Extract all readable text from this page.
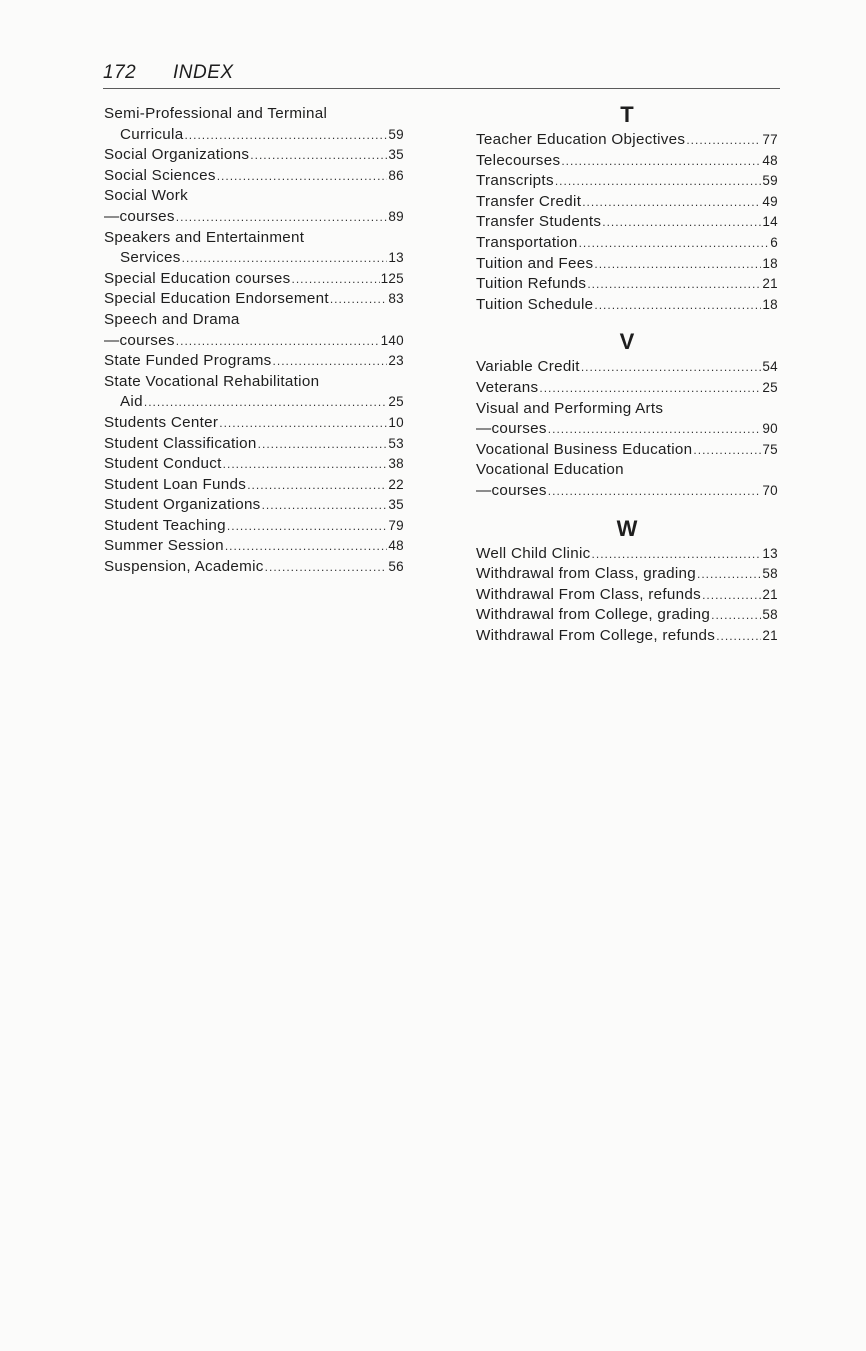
172 INDEX
Semi-Professional and Terminal
Curricula .....	59
Social Organizations .....	35
Social Sciences .....	86
Social Work
—courses .....	89
Speakers and Entertainment
Services .....	13
Special Education courses .....	125
Special Education Endorsement .....	83
Speech and Drama
—courses .....	140
State Funded Programs .....	23
State Vocational Rehabilitation
Aid .....	25
Students Center .....	10
Student Classification .....	53
Student Conduct .....	38
Student Loan Funds .....	22
Student Organizations .....	35
Student Teaching .....	79
Summer Session .....	48
Suspension, Academic .....	56
T
Teacher Education Objectives .....	77
Telecourses .....	48
Transcripts .....	59
Transfer Credit .....	49
Transfer Students .....	14
Transportation .....	6
Tuition and Fees .....	18
Tuition Refunds .....	21
Tuition Schedule .....	18
V
Variable Credit .....	54
Veterans .....	25
Visual and Performing Arts
—courses .....	90
Vocational Business Education .....	75
Vocational Education
—courses .....	70
W
Well Child Clinic .....	13
Withdrawal from Class, grading .....	58
Withdrawal From Class, refunds .....	21
Withdrawal from College, grading .....	58
Withdrawal From College, refunds .....	21
